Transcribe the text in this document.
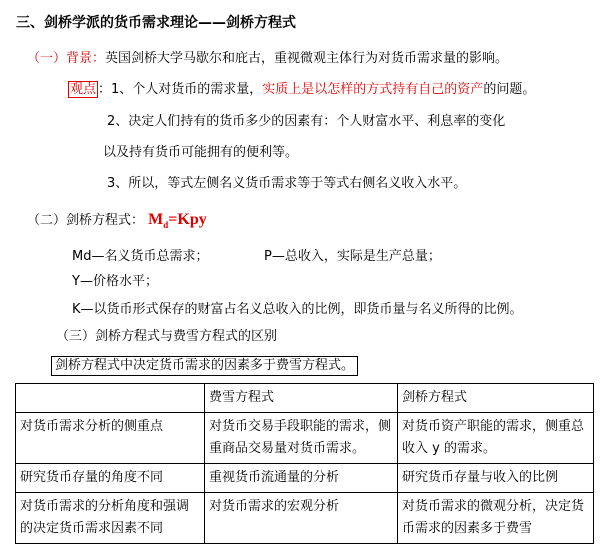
三、剑桥学派的货币需求理论——剑桥方程式
（一）背景：英国剑桥大学马歇尔和庇古，重视微观主体行为对货币需求量的影响。
观点 ：1、个人对货币的需求量，实质上是以怎样的方式持有自己的资产的问题。
2、决定人们持有的货币多少的因素有：个人财富水平、利息率的变化
以及持有货币可能拥有的便利等。
3、所以，等式左侧名义货币需求等于等式右侧名义收入水平。
（二）剑桥方程式： $M_d=Kpy$
Md—名义货币总需求；	P—总收入，实际是生产总量；
Y—价格水平；
K—以货币形式保存的财富占名义总收入的比例，即货币量与名义所得的比例。
（三）剑桥方程式与费雪方程式的区别
剑桥方程式中决定货币需求的因素多于费雪方程式。
	费雪方程式	剑桥方程式
对货币需求分析的侧重点	对货币交易手段职能的需求，侧重商品交易量对货币需求。	对货币资产职能的需求，侧重总收入 y 的需求。
研究货币存量的角度不同	重视货币流通量的分析	研究货币存量与收入的比例
对货币需求的分析角度和强调的决定货币需求因素不同	对货币需求的宏观分析	对货币需求的微观分析，决定货币需求的因素多于费雪
